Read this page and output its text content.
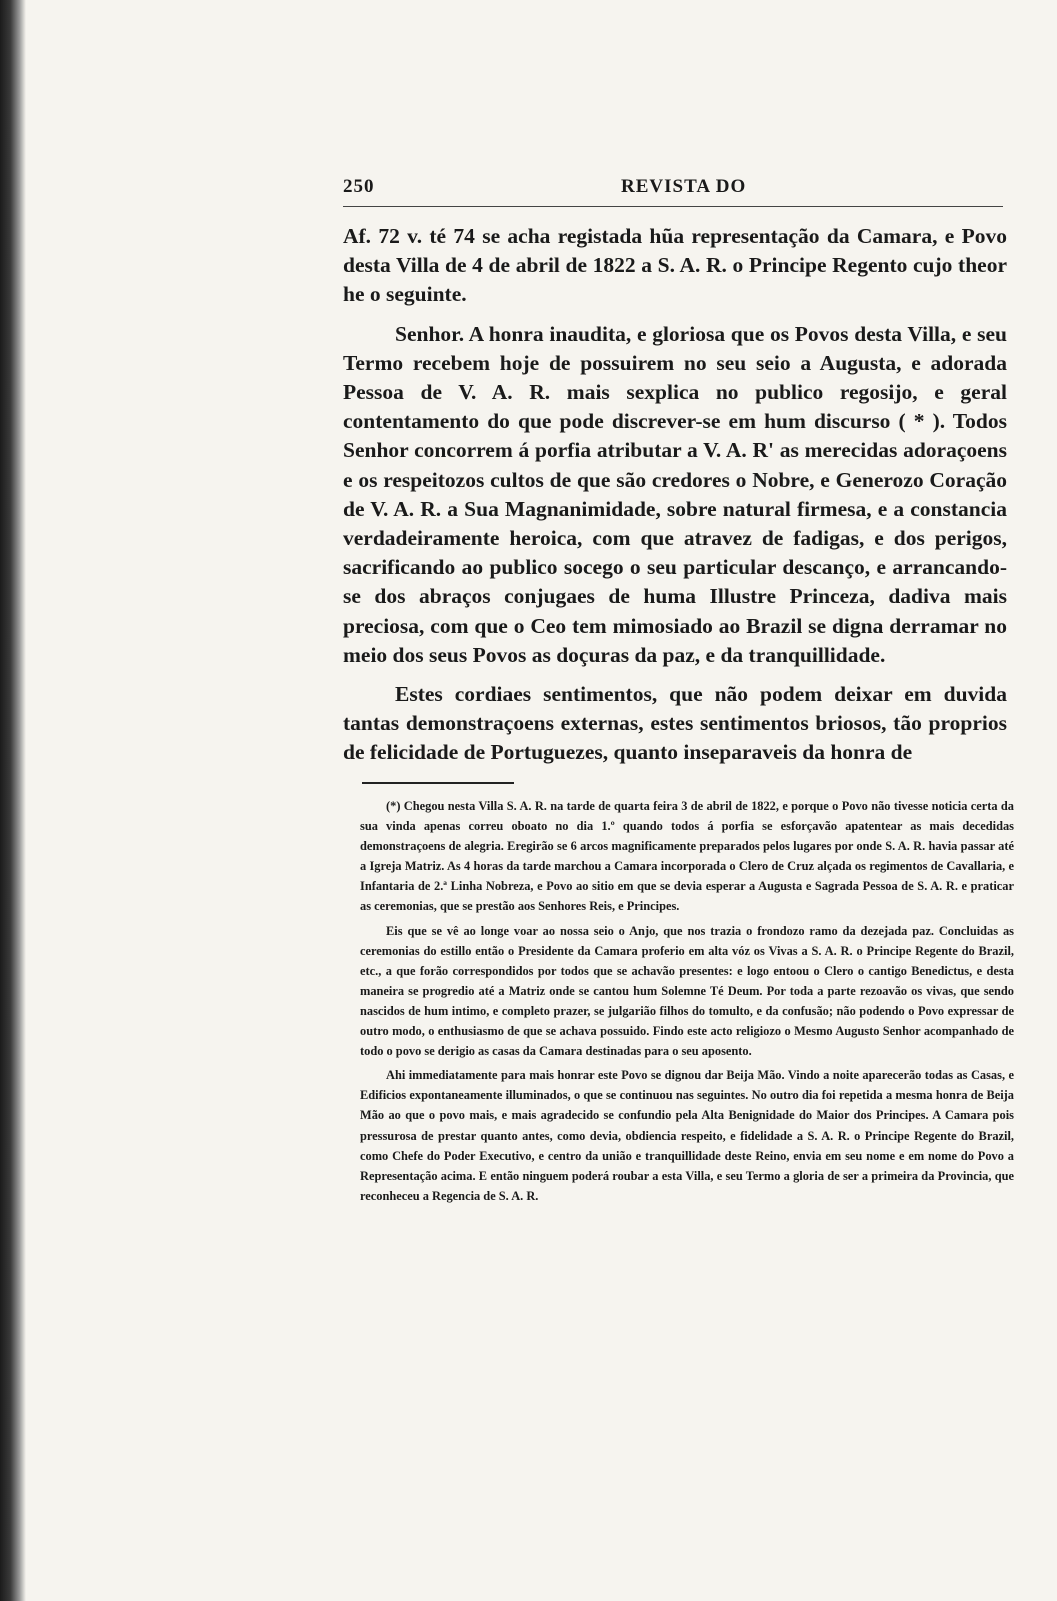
250	REVISTA DO

Af. 72 v. té 74 se acha registada hũa representação da Camara, e Povo desta Villa de 4 de abril de 1822 a S. A. R. o Principe Regento cujo theor he o seguinte.

Senhor. A honra inaudita, e gloriosa que os Povos desta Villa, e seu Termo recebem hoje de possuirem no seu seio a Augusta, e adorada Pessoa de V. A. R. mais sexplica no publico regosijo, e geral contentamento do que pode discrever-se em hum discurso ( * ). Todos Senhor concorrem á porfia atributar a V. A. R' as merecidas adoraçoens e os respeitozos cultos de que são credores o Nobre, e Generozo Coração de V. A. R. a Sua Magnanimidade, sobre natural firmesa, e a constancia verdadeiramente heroica, com que atravez de fadigas, e dos perigos, sacrificando ao publico socego o seu particular descanço, e arrancando-se dos abraços conjugaes de huma Illustre Princeza, dadiva mais preciosa, com que o Ceo tem mimosiado ao Brazil se digna derramar no meio dos seus Povos as doçuras da paz, e da tranquillidade.

Estes cordiaes sentimentos, que não podem deixar em duvida tantas demonstraçoens externas, estes sentimentos briosos, tão proprios de felicidade de Portuguezes, quanto inseparaveis da honra de

(*) Chegou nesta Villa S. A. R. na tarde de quarta feira 3 de abril de 1822, e porque o Povo não tivesse noticia certa da sua vinda apenas correu oboato no dia 1.º quando todos á porfia se esforçavão apatentear as mais decedidas demonstraçoens de alegria. Eregirão se 6 arcos magnificamente preparados pelos lugares por onde S. A. R. havia passar até a Igreja Matriz. As 4 horas da tarde marchou a Camara incorporada o Clero de Cruz alçada os regimentos de Cavallaria, e Infantaria de 2.ª Linha Nobreza, e Povo ao sitio em que se devia esperar a Augusta e Sagrada Pessoa de S. A. R. e praticar as ceremonias, que se prestão aos Senhores Reis, e Principes.

Eis que se vê ao longe voar ao nossa seio o Anjo, que nos trazia o frondozo ramo da dezejada paz. Concluidas as ceremonias do estillo então o Presidente da Camara proferio em alta vóz os Vivas a S. A. R. o Principe Regente do Brazil, etc., a que forão correspondidos por todos que se achavão presentes: e logo entoou o Clero o cantigo Benedictus, e desta maneira se progredio até a Matriz onde se cantou hum Solemne Té Deum. Por toda a parte rezoavão os vivas, que sendo nascidos de hum intimo, e completo prazer, se julgarião filhos do tomulto, e da confusão; não podendo o Povo expressar de outro modo, o enthusiasmo de que se achava possuido. Findo este acto religiozo o Mesmo Augusto Senhor acompanhado de todo o povo se derigio as casas da Camara destinadas para o seu aposento.

Ahi immediatamente para mais honrar este Povo se dignou dar Beija Mão. Vindo a noite aparecerão todas as Casas, e Edificios expontaneamente illuminados, o que se continuou nas seguintes. No outro dia foi repetida a mesma honra de Beija Mão ao que o povo mais, e mais agradecido se confundio pela Alta Benignidade do Maior dos Principes. A Camara pois pressurosa de prestar quanto antes, como devia, obdiencia respeito, e fidelidade a S. A. R. o Principe Regente do Brazil, como Chefe do Poder Executivo, e centro da união e tranquillidade deste Reino, envia em seu nome e em nome do Povo a Representação acima. E então ninguem poderá roubar a esta Villa, e seu Termo a gloria de ser a primeira da Provincia, que reconheceu a Regencia de S. A. R.
